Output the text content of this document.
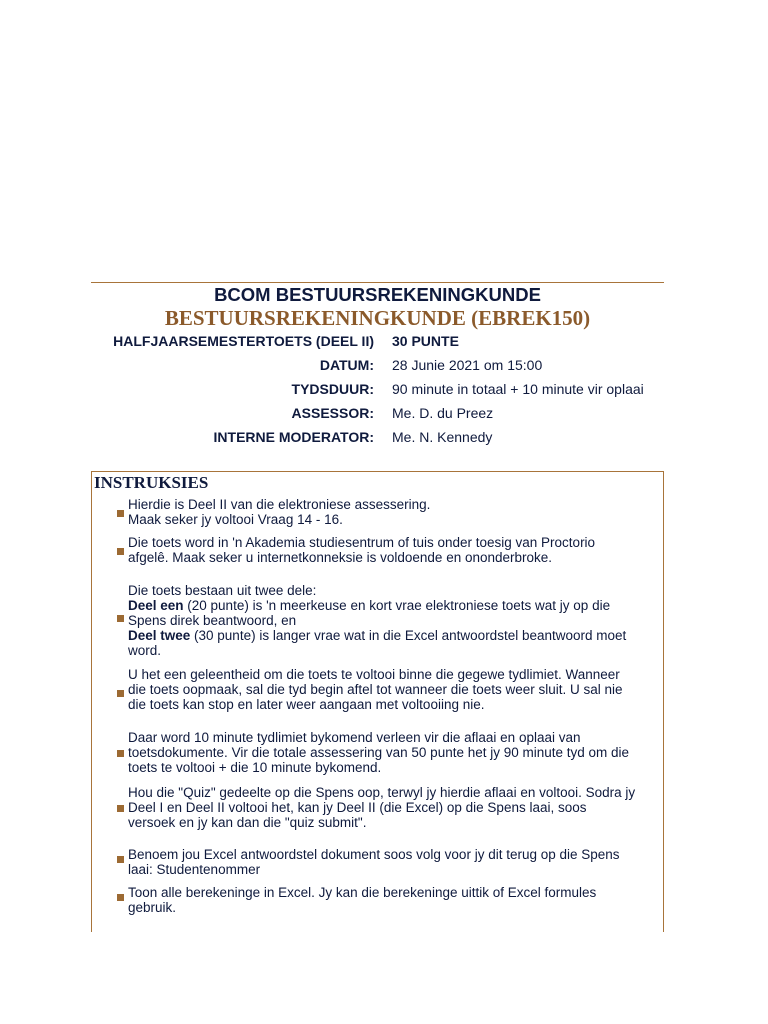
BCOM BESTUURSREKENINGKUNDE
BESTUURSREKENINGKUNDE (EBREK150)
HALFJAARSEMESTERTOETS (DEEL II) 30 PUNTE
DATUM: 28 Junie 2021 om 15:00
TYDSDUUR: 90 minute in totaal + 10 minute vir oplaai
ASSESSOR: Me. D. du Preez
INTERNE MODERATOR: Me. N. Kennedy
INSTRUKSIES

Hierdie is Deel II van die elektroniese assessering.

Maak seker jy voltooi Vraag 14 - 16.

Die toets word in 'n Akademia studiesentrum of tuis onder toesig van Proctorio

afgelê. Maak seker u internetkonneksie is voldoende en ononderbroke.

Die toets bestaan uit twee dele:

Deel een (20 punte) is 'n meerkeuse en kort vrae elektroniese toets wat jy op die

Spens direk beantwoord, en

Deel twee (30 punte) is langer vrae wat in die Excel antwoordstel beantwoord moet

word.

U het een geleentheid om die toets te voltooi binne die gegewe tydlimiet. Wanneer

die toets oopmaak, sal die tyd begin aftel tot wanneer die toets weer sluit. U sal nie

die toets kan stop en later weer aangaan met voltooiing nie.

Daar word 10 minute tydlimiet bykomend verleen vir die aflaai en oplaai van

toetsdokumente. Vir die totale assessering van 50 punte het jy 90 minute tyd om die

toets te voltooi + die 10 minute bykomend.

Hou die "Quiz" gedeelte op die Spens oop, terwyl jy hierdie aflaai en voltooi. Sodra jy

Deel I en Deel II voltooi het, kan jy Deel II (die Excel) op die Spens laai, soos

versoek en jy kan dan die "quiz submit".

Benoem jou Excel antwoordstel dokument soos volg voor jy dit terug op die Spens

laai: Studentenommer

Toon alle berekeninge in Excel. Jy kan die berekeninge uittik of Excel formules

gebruik.
